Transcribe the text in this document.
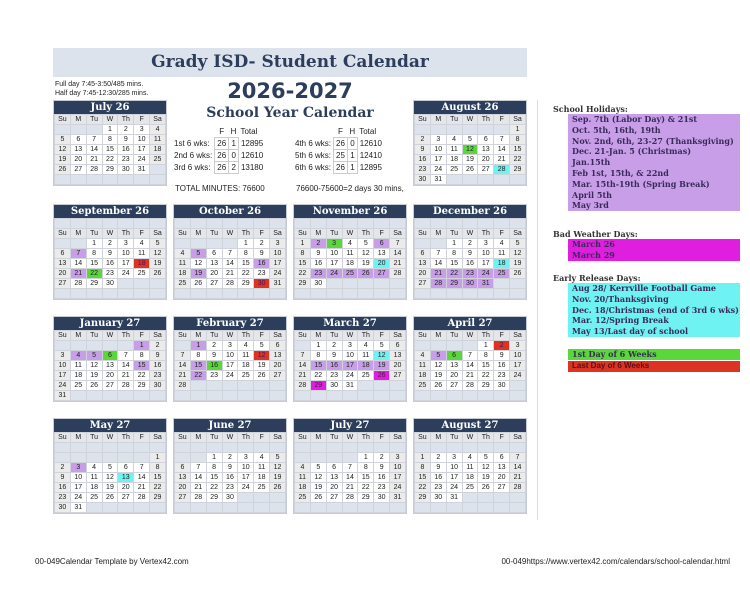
Grady ISD- Student Calendar
Full day 7:45-3:50/485 mins.
Half day 7:45-12:30/285 mins.	2026-2027
School Year Calendar
	F	H	Total
1st 6 wks:	26	1	12895
2nd 6 wks:	26	0	12610
3rd 6 wks:	26	2	13180
	F	H	Total
4th 6 wks:	26	0	12610
5th 6 wks:	25	1	12410
6th 6 wks:	26	1	12895
TOTAL MINUTES: 76600	76600-75600=2 days 30 mins,
July 26
Su	M	Tu	W	Th	F	Sa
			1	2	3	4
5	6	7	8	9	10	11
12	13	14	15	16	17	18
19	20	21	22	23	24	25
26	27	28	29	30	31	

August 26
Su	M	Tu	W	Th	F	Sa
						1
2	3	4	5	6	7	8
9	10	11	12	13	14	15
16	17	18	19	20	21	22
23	24	25	26	27	28	29
30	31					
September 26

Su	M	Tu	W	Th	F	Sa
		1	2	3	4	5
6	7	8	9	10	11	12
13	14	15	16	17	18	19
20	21	22	23	24	25	26
27	28	29	30			

October 26

Su	M	Tu	W	Th	F	Sa
				1	2	3
4	5	6	7	8	9	10
11	12	13	14	15	16	17
18	19	20	21	22	23	24
25	26	27	28	29	30	31

November 26

Su	M	Tu	W	Th	F	Sa
1	2	3	4	5	6	7
8	9	10	11	12	13	14
15	16	17	18	19	20	21
22	23	24	25	26	27	28
29	30					

December 26

Su	M	Tu	W	Th	F	Sa
		1	2	3	4	5
6	7	8	9	10	11	12
13	14	15	16	17	18	19
20	21	22	23	24	25	26
27	28	29	30	31		

January 27
Su	M	Tu	W	Th	F	Sa
					1	2
3	4	5	6	7	8	9
10	11	12	13	14	15	16
17	18	19	20	21	22	23
24	25	26	27	28	29	30
31						
February 27
Su	M	Tu	W	Th	F	Sa
	1	2	3	4	5	6
7	8	9	10	11	12	13
14	15	16	17	18	19	20
21	22	23	24	25	26	27
28						

March 27
Su	M	Tu	W	Th	F	Sa
	1	2	3	4	5	6
7	8	9	10	11	12	13
14	15	16	17	18	19	20
21	22	23	24	25	26	27
28	29	30	31			

April 27
Su	M	Tu	W	Th	F	Sa
				1	2	3
4	5	6	7	8	9	10
11	12	13	14	15	16	17
18	19	20	21	22	23	24
25	26	27	28	29	30	

May 27
Su	M	Tu	W	Th	F	Sa

						1
2	3	4	5	6	7	8
9	10	11	12	13	14	15
16	17	18	19	20	21	22
23	24	25	26	27	28	29
30	31					
June 27
Su	M	Tu	W	Th	F	Sa

		1	2	3	4	5
6	7	8	9	10	11	12
13	14	15	16	17	18	19
20	21	22	23	24	25	26
27	28	29	30			

July 27
Su	M	Tu	W	Th	F	Sa

				1	2	3
4	5	6	7	8	9	10
11	12	13	14	15	16	17
18	19	20	21	22	23	24
25	26	27	28	29	30	31

August 27
Su	M	Tu	W	Th	F	Sa

1	2	3	4	5	6	7
8	9	10	11	12	13	14
15	16	17	18	19	20	21
22	23	24	25	26	27	28
29	30	31				

School Holidays:
Sep. 7th (Labor Day) & 21st
Oct. 5th, 16th, 19th
Nov. 2nd, 6th, 23-27 (Thanksgiving)
Dec. 21-Jan. 5 (Christmas)
Jan.15th
Feb 1st, 15th, & 22nd
Mar. 15th-19th (Spring Break)
April 5th
May 3rd
Bad Weather Days:
March 26
March 29
Early Release Days:
Aug 28/ Kerrville Football Game
Nov. 20/Thanksgiving
Dec. 18/Christmas (end of 3rd 6 wks)
Mar. 12/Spring Break
May 13/Last day of school
1st Day of 6 Weeks
Last Day of 6 Weeks
00-049Calendar Template by Vertex42.com	00-049https://www.vertex42.com/calendars/school-calendar.html
